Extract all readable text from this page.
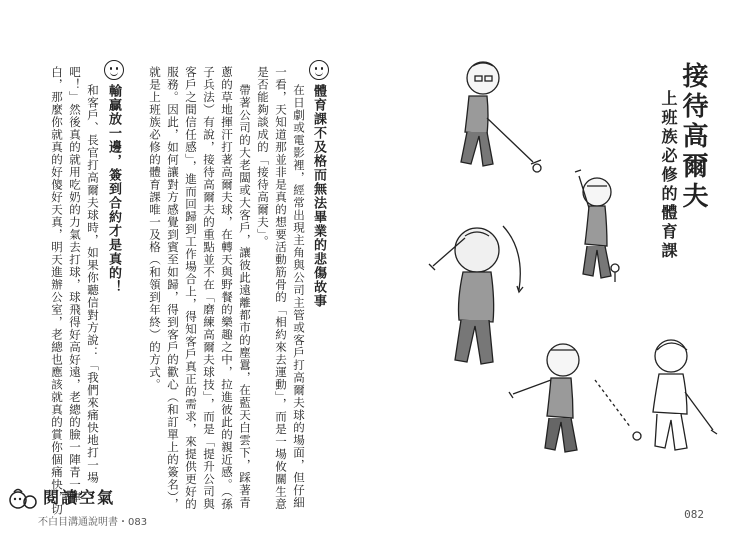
體育課不及格而無法畢業的悲傷故事
在日劇或電影裡，經常出現主角與公司主管或客戶打高爾夫球的場面，但仔細
一看，天知道那並非是真的想要活動筋骨的「相約來去運動」，而是一場攸關生意
是否能夠談成的「接待高爾夫」。
帶著公司的大老闆或大客戶，讓彼此遠離都市的塵囂，在藍天白雲下，踩著青
蔥的草地揮汗打著高爾夫球，在轉天與野餐的樂趣之中，拉進彼此的親近感。（孫
子兵法）有說，接待高爾夫的重點並不在「磨練高爾夫球技」，而是「提升公司與
客戶之間信任感」，進而回歸到工作場合上，得知客戶真正的需求，來提供更好的
服務。因此，如何讓對方感覺到賓至如歸，得到客戶的歡心（和訂單上的簽名），
就是上班族必修的體育課唯一及格（和領到年終）的方式。
輸贏放一邊，簽到合約才是真的！
和客戶、長官打高爾夫球時，如果你聽信對方說：「我們來痛快地打一場
吧！」然後真的就用吃奶的力氣去打球，球飛得好高好遠，老總的臉一陣青一陣
白，那麼你就真的好傻好天真，明天進辦公室，老總也應該就真的賞你個痛快，切
閱讀空氣
不白目溝通說明書・083
接待高爾夫
上班族必修的體育課
082
